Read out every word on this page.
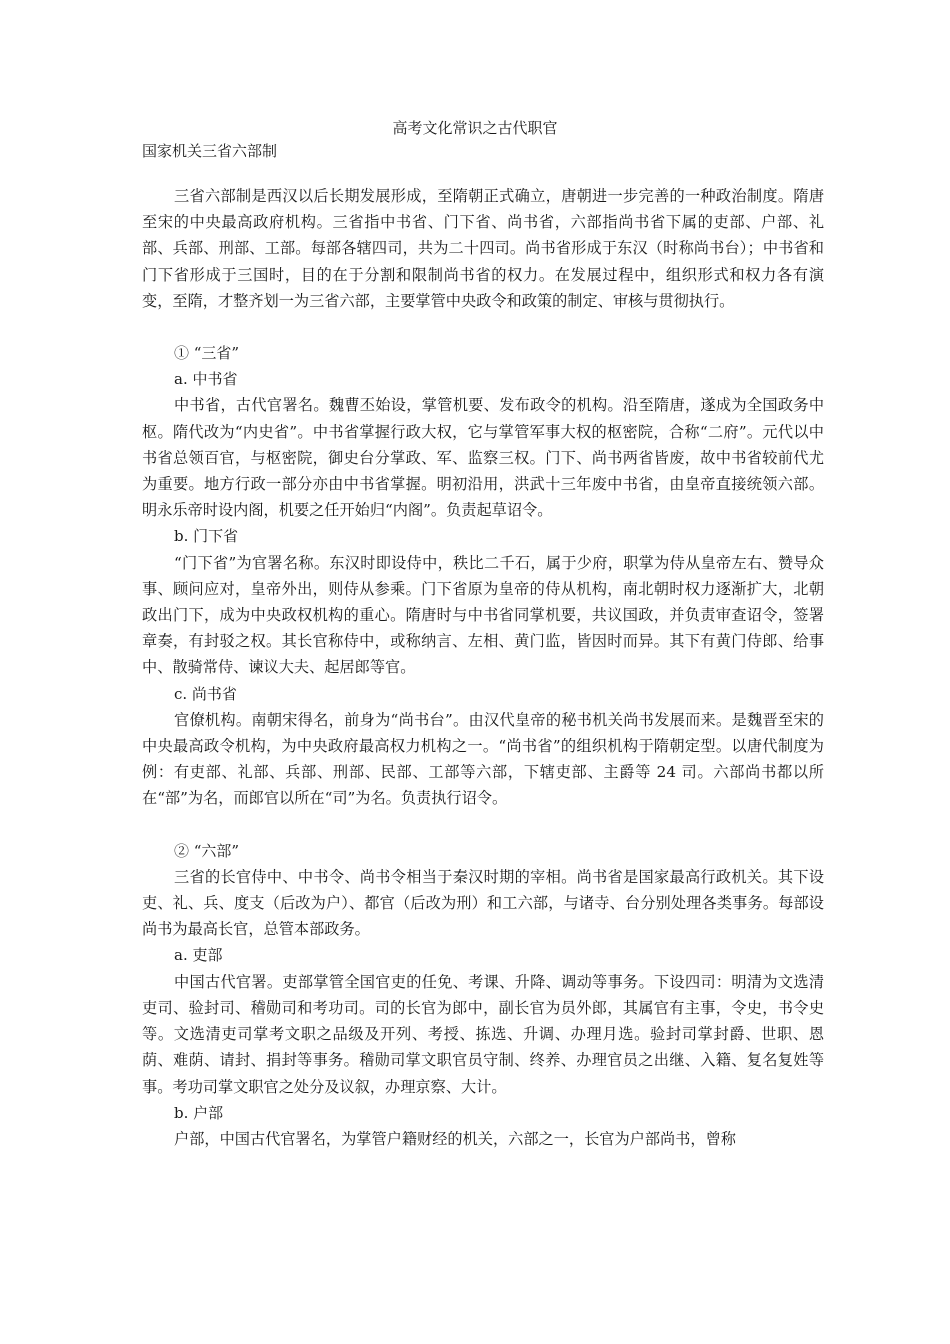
高考文化常识之古代职官
国家机关三省六部制

三省六部制是西汉以后长期发展形成，至隋朝正式确立，唐朝进一步完善的一种政治制度。隋唐至宋的中央最高政府机构。三省指中书省、门下省、尚书省，六部指尚书省下属的吏部、户部、礼部、兵部、刑部、工部。每部各辖四司，共为二十四司。尚书省形成于东汉（时称尚书台）；中书省和门下省形成于三国时，目的在于分割和限制尚书省的权力。在发展过程中，组织形式和权力各有演变，至隋，才整齐划一为三省六部，主要掌管中央政令和政策的制定、审核与贯彻执行。

① “三省”

a. 中书省

中书省，古代官署名。魏曹丕始设，掌管机要、发布政令的机构。沿至隋唐，遂成为全国政务中枢。隋代改为“内史省”。中书省掌握行政大权，它与掌管军事大权的枢密院，合称“二府”。元代以中书省总领百官，与枢密院，御史台分掌政、军、监察三权。门下、尚书两省皆废，故中书省较前代尤为重要。地方行政一部分亦由中书省掌握。明初沿用，洪武十三年废中书省，由皇帝直接统领六部。明永乐帝时设内阁，机要之任开始归“内阁”。负责起草诏令。

b. 门下省

“门下省”为官署名称。东汉时即设侍中，秩比二千石，属于少府，职掌为侍从皇帝左右、赞导众事、顾问应对，皇帝外出，则侍从参乘。门下省原为皇帝的侍从机构，南北朝时权力逐渐扩大，北朝政出门下，成为中央政权机构的重心。隋唐时与中书省同掌机要，共议国政，并负责审查诏令，签署章奏，有封驳之权。其长官称侍中，或称纳言、左相、黄门监，皆因时而异。其下有黄门侍郎、给事中、散骑常侍、谏议大夫、起居郎等官。

c. 尚书省

官僚机构。南朝宋得名，前身为“尚书台”。由汉代皇帝的秘书机关尚书发展而来。是魏晋至宋的中央最高政令机构，为中央政府最高权力机构之一。“尚书省”的组织机构于隋朝定型。以唐代制度为例：有吏部、礼部、兵部、刑部、民部、工部等六部，下辖吏部、主爵等 24 司。六部尚书都以所在“部”为名，而郎官以所在“司”为名。负责执行诏令。

② “六部”

三省的长官侍中、中书令、尚书令相当于秦汉时期的宰相。尚书省是国家最高行政机关。其下设吏、礼、兵、度支（后改为户）、都官（后改为刑）和工六部，与诸寺、台分别处理各类事务。每部设尚书为最高长官，总管本部政务。

a. 吏部

中国古代官署。吏部掌管全国官吏的任免、考课、升降、调动等事务。下设四司：明清为文选清吏司、验封司、稽勋司和考功司。司的长官为郎中，副长官为员外郎，其属官有主事，令史，书令史等。文选清吏司掌考文职之品级及开列、考授、拣选、升调、办理月选。验封司掌封爵、世职、恩荫、难荫、请封、捐封等事务。稽勋司掌文职官员守制、终养、办理官员之出继、入籍、复名复姓等事。考功司掌文职官之处分及议叙，办理京察、大计。

b. 户部

户部，中国古代官署名，为掌管户籍财经的机关，六部之一，长官为户部尚书，曾称
